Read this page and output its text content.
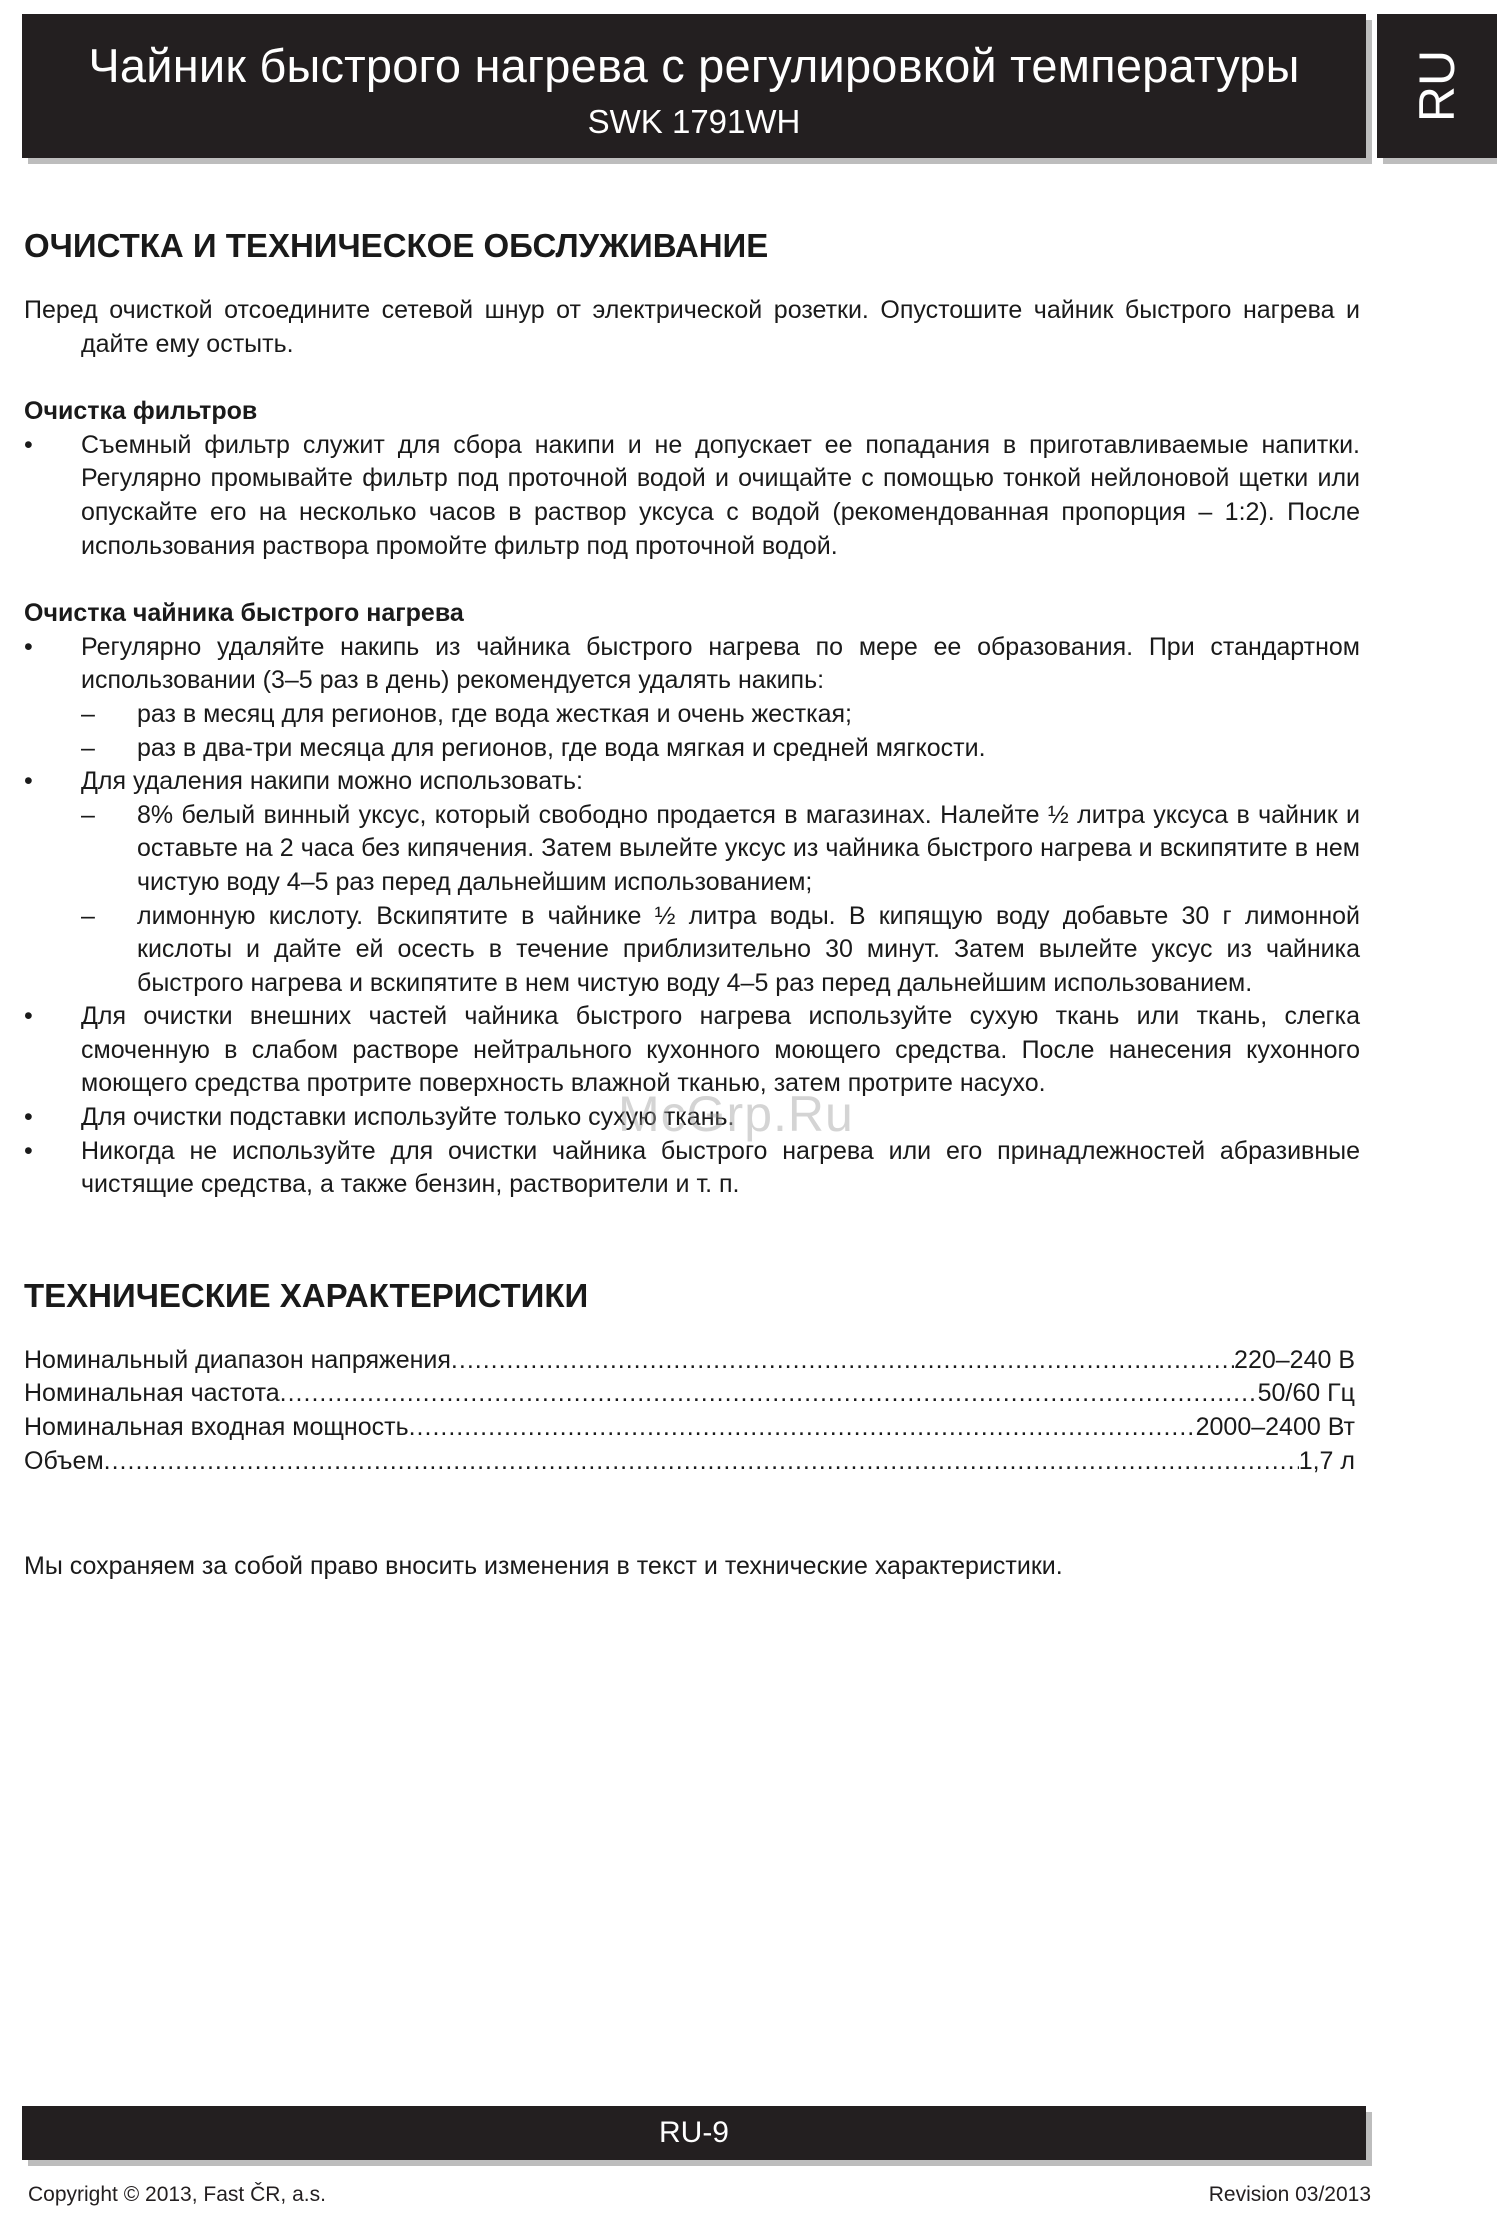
Чайник быстрого нагрева с регулировкой температуры
SWK 1791WH	RU
ОЧИСТКА И ТЕХНИЧЕСКОЕ ОБСЛУЖИВАНИЕ
Перед очисткой отсоедините сетевой шнур от электрической розетки. Опустошите чайник быстрого нагрева и дайте ему остыть.
Очистка фильтров
• Съемный фильтр служит для сбора накипи и не допускает ее попадания в приготавливаемые напитки. Регулярно промывайте фильтр под проточной водой и очищайте с помощью тонкой нейлоновой щетки или опускайте его на несколько часов в раствор уксуса с водой (рекомендованная пропорция – 1:2). После использования раствора промойте фильтр под проточной водой.
Очистка чайника быстрого нагрева
• Регулярно удаляйте накипь из чайника быстрого нагрева по мере ее образования. При стандартном использовании (3–5 раз в день) рекомендуется удалять накипь:
– раз в месяц для регионов, где вода жесткая и очень жесткая;
– раз в два-три месяца для регионов, где вода мягкая и средней мягкости.
• Для удаления накипи можно использовать:
– 8% белый винный уксус, который свободно продается в магазинах. Налейте ½ литра уксуса в чайник и оставьте на 2 часа без кипячения. Затем вылейте уксус из чайника быстрого нагрева и вскипятите в нем чистую воду 4–5 раз перед дальнейшим использованием;
– лимонную кислоту. Вскипятите в чайнике ½ литра воды. В кипящую воду добавьте 30 г лимонной кислоты и дайте ей осесть в течение приблизительно 30 минут. Затем вылейте уксус из чайника быстрого нагрева и вскипятите в нем чистую воду 4–5 раз перед дальнейшим использованием.
• Для очистки внешних частей чайника быстрого нагрева используйте сухую ткань или ткань, слегка смоченную в слабом растворе нейтрального кухонного моющего средства. После нанесения кухонного моющего средства протрите поверхность влажной тканью, затем протрите насухо.
• Для очистки подставки используйте только сухую ткань.
• Никогда не используйте для очистки чайника быстрого нагрева или его принадлежностей абразивные чистящие средства, а также бензин, растворители и т. п.
ТЕХНИЧЕСКИЕ ХАРАКТЕРИСТИКИ
Номинальный диапазон напряжения .....	220–240 В
Номинальная частота .....	50/60 Гц
Номинальная входная мощность .....	2000–2400 Вт
Объем .....	1,7 л
Мы сохраняем за собой право вносить изменения в текст и технические характеристики.
McGrp.Ru
RU-9
Copyright © 2013, Fast ČR, a.s.	Revision 03/2013
